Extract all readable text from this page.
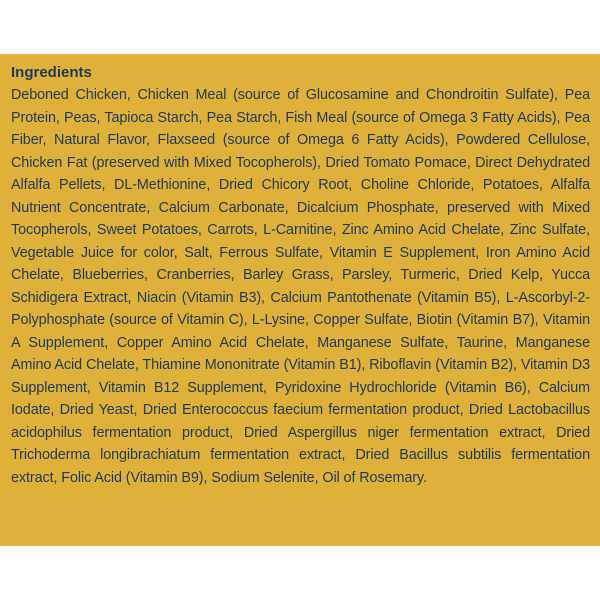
Ingredients

Deboned Chicken, Chicken Meal (source of Glucosamine and Chondroitin Sulfate), Pea Protein, Peas, Tapioca Starch, Pea Starch, Fish Meal (source of Omega 3 Fatty Acids), Pea Fiber, Natural Flavor, Flaxseed (source of Omega 6 Fatty Acids), Powdered Cellulose, Chicken Fat (preserved with Mixed Tocopherols), Dried Tomato Pomace, Direct Dehydrated Alfalfa Pellets, DL-Methionine, Dried Chicory Root, Choline Chloride, Potatoes, Alfalfa Nutrient Concentrate, Calcium Carbonate, Dicalcium Phosphate, preserved with Mixed Tocopherols, Sweet Potatoes, Carrots, L-Carnitine, Zinc Amino Acid Chelate, Zinc Sulfate, Vegetable Juice for color, Salt, Ferrous Sulfate, Vitamin E Supplement, Iron Amino Acid Chelate, Blueberries, Cranberries, Barley Grass, Parsley, Turmeric, Dried Kelp, Yucca Schidigera Extract, Niacin (Vitamin B3), Calcium Pantothenate (Vitamin B5), L-Ascorbyl-2-Polyphosphate (source of Vitamin C), L-Lysine, Copper Sulfate, Biotin (Vitamin B7), Vitamin A Supplement, Copper Amino Acid Chelate, Manganese Sulfate, Taurine, Manganese Amino Acid Chelate, Thiamine Mononitrate (Vitamin B1), Riboflavin (Vitamin B2), Vitamin D3 Supplement, Vitamin B12 Supplement, Pyridoxine Hydrochloride (Vitamin B6), Calcium Iodate, Dried Yeast, Dried Enterococcus faecium fermentation product, Dried Lactobacillus acidophilus fermentation product, Dried Aspergillus niger fermentation extract, Dried Trichoderma longibrachiatum fermentation extract, Dried Bacillus subtilis fermentation extract, Folic Acid (Vitamin B9), Sodium Selenite, Oil of Rosemary.
